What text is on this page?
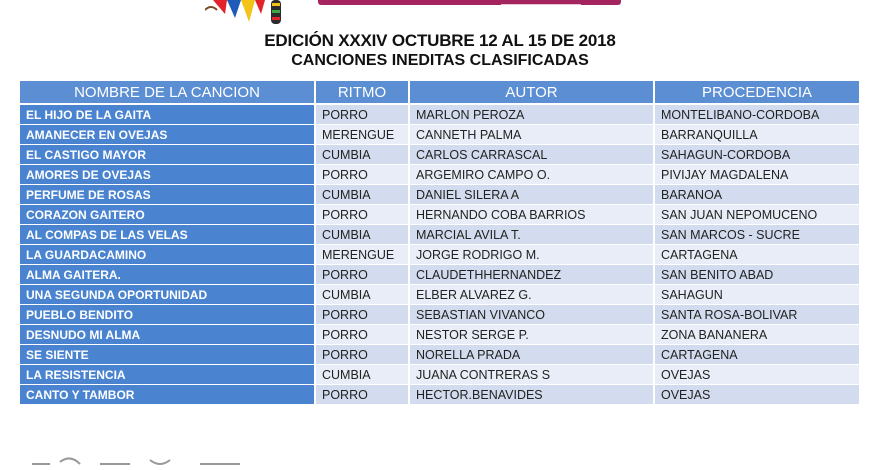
EDICIÓN XXXIV OCTUBRE 12 AL 15 DE 2018
CANCIONES INEDITAS CLASIFICADAS
NOMBRE DE LA CANCION	RITMO	AUTOR	PROCEDENCIA
EL HIJO DE LA GAITA	PORRO	MARLON PEROZA	MONTELIBANO-CORDOBA
AMANECER EN OVEJAS	MERENGUE	CANNETH PALMA	BARRANQUILLA
EL CASTIGO MAYOR	CUMBIA	CARLOS CARRASCAL	SAHAGUN-CORDOBA
AMORES DE OVEJAS	PORRO	ARGEMIRO CAMPO O.	PIVIJAY MAGDALENA
PERFUME DE ROSAS	CUMBIA	DANIEL SILERA A	BARANOA
CORAZON GAITERO	PORRO	HERNANDO COBA BARRIOS	SAN JUAN NEPOMUCENO
AL COMPAS DE LAS VELAS	CUMBIA	MARCIAL AVILA T.	SAN MARCOS - SUCRE
LA GUARDACAMINO	MERENGUE	JORGE RODRIGO M.	CARTAGENA
ALMA GAITERA.	PORRO	CLAUDETHHERNANDEZ	SAN BENITO ABAD
UNA SEGUNDA OPORTUNIDAD	CUMBIA	ELBER ALVAREZ G.	SAHAGUN
PUEBLO BENDITO	PORRO	SEBASTIAN VIVANCO	SANTA ROSA-BOLIVAR
DESNUDO MI ALMA	PORRO	NESTOR SERGE P.	ZONA BANANERA
SE SIENTE	PORRO	NORELLA PRADA	CARTAGENA
LA RESISTENCIA	CUMBIA	JUANA CONTRERAS S	OVEJAS
CANTO Y TAMBOR	PORRO	HECTOR.BENAVIDES	OVEJAS
